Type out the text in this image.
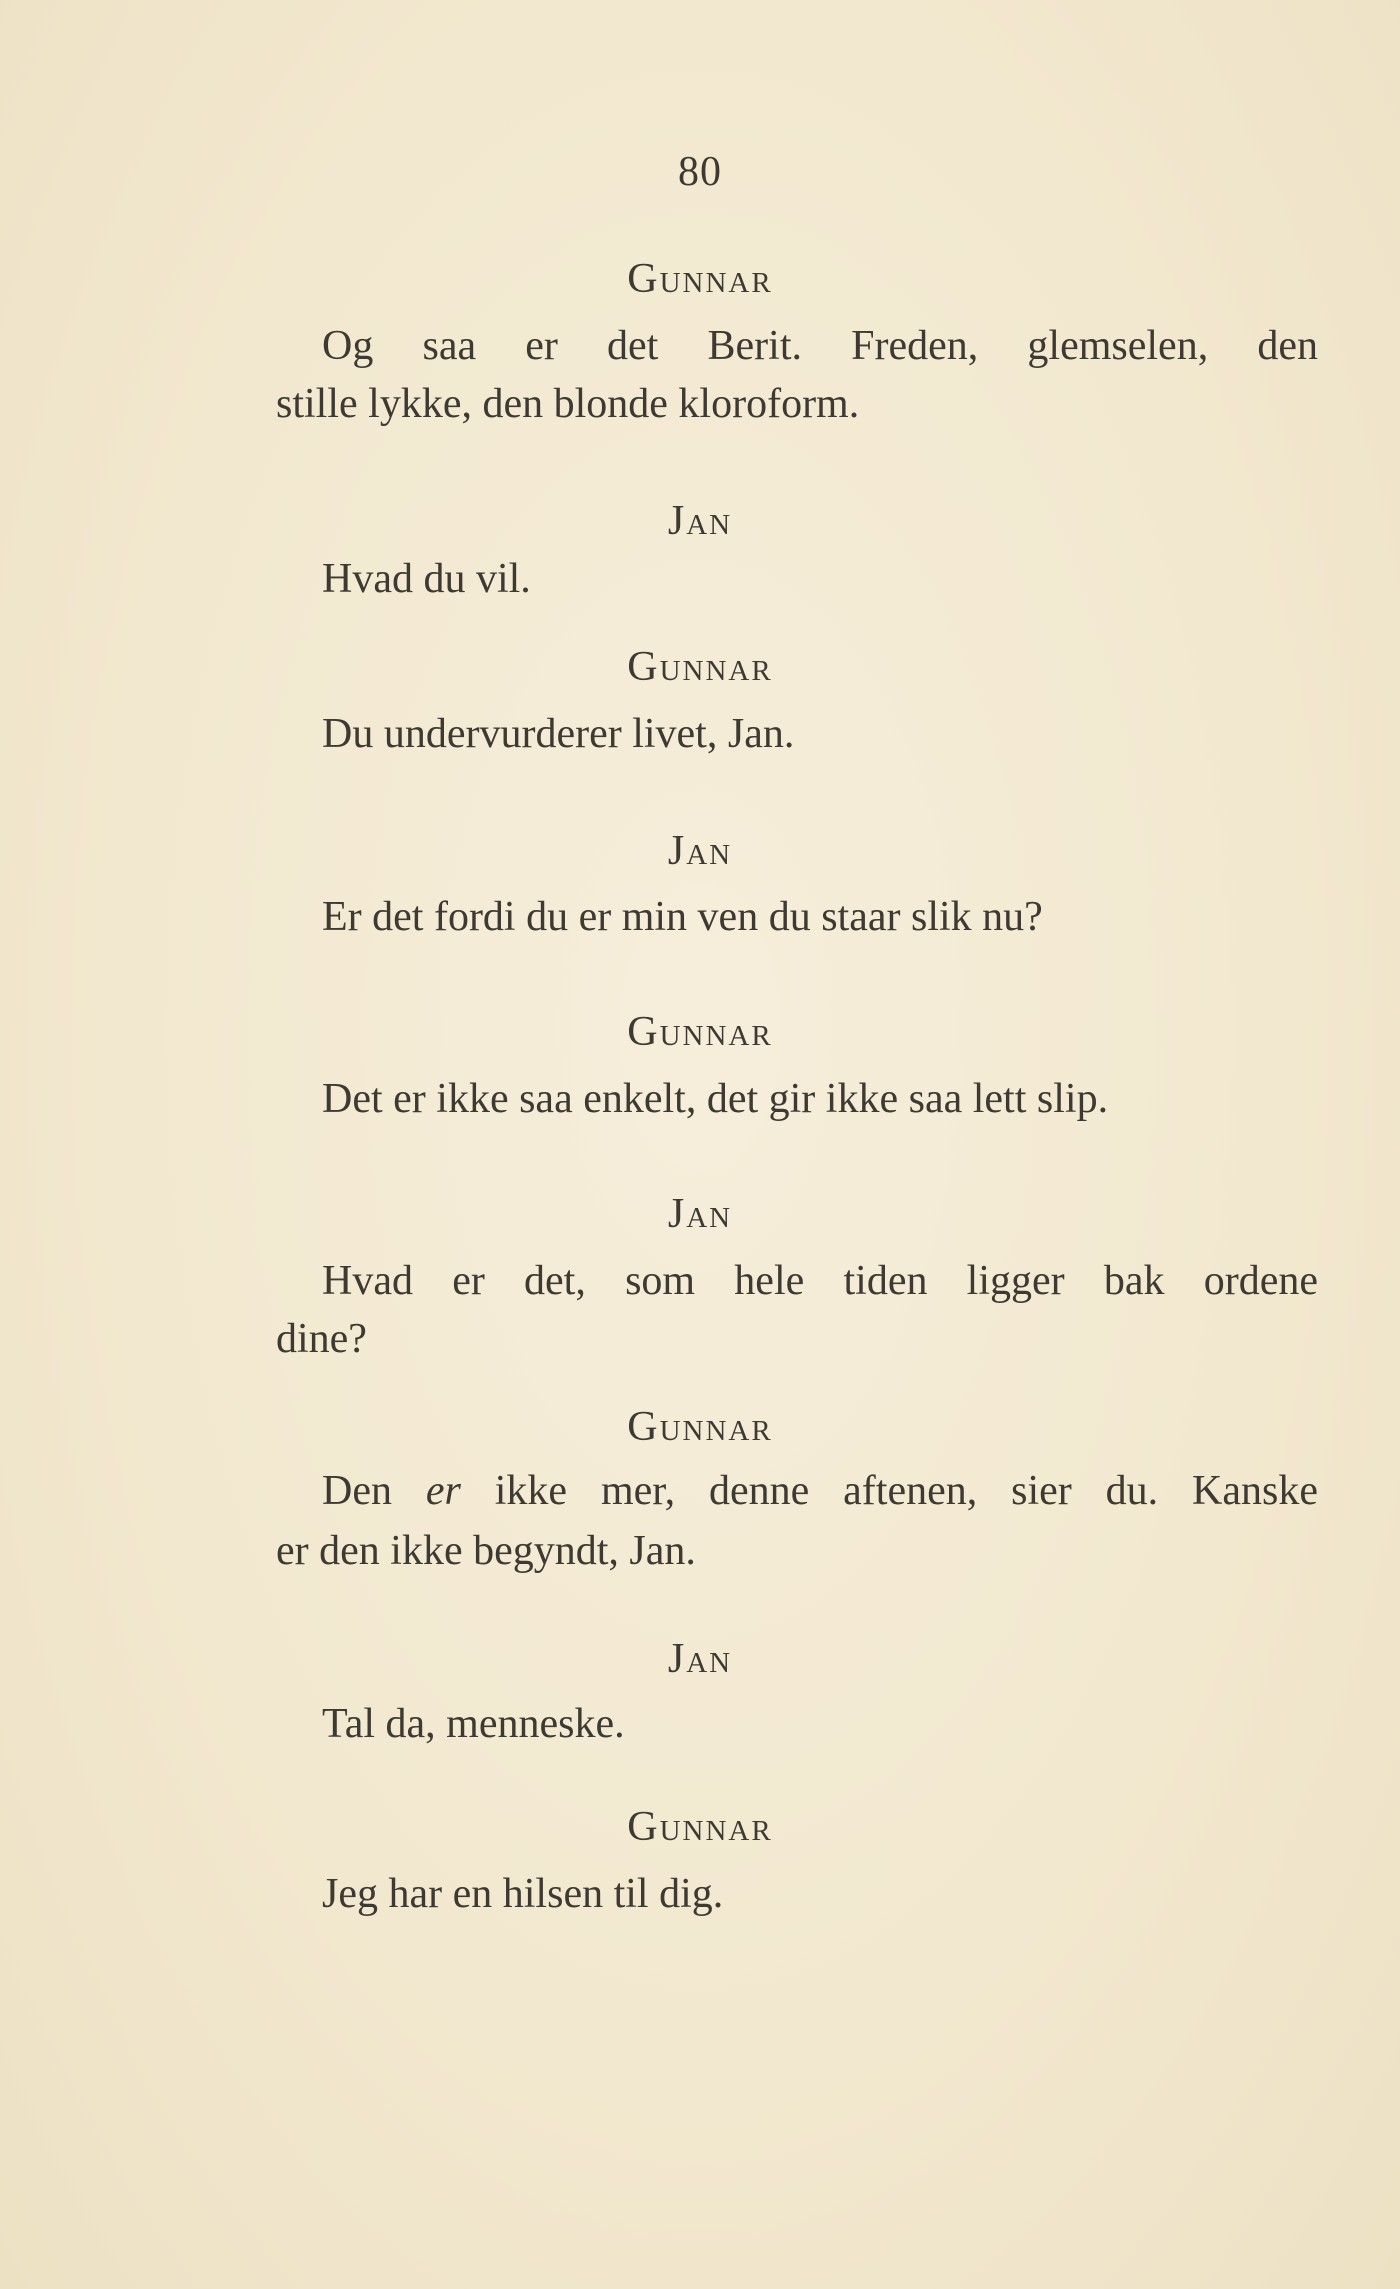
80
Gunnar
Og saa er det Berit. Freden, glemselen, den
stille lykke, den blonde kloroform.
Jan
Hvad du vil.
Gunnar
Du undervurderer livet, Jan.
Jan
Er det fordi du er min ven du staar slik nu?
Gunnar
Det er ikke saa enkelt, det gir ikke saa lett slip.
Jan
Hvad er det, som hele tiden ligger bak ordene
dine?
Gunnar
Den er ikke mer, denne aftenen, sier du. Kanske
er den ikke begyndt, Jan.
Jan
Tal da, menneske.
Gunnar
Jeg har en hilsen til dig.
